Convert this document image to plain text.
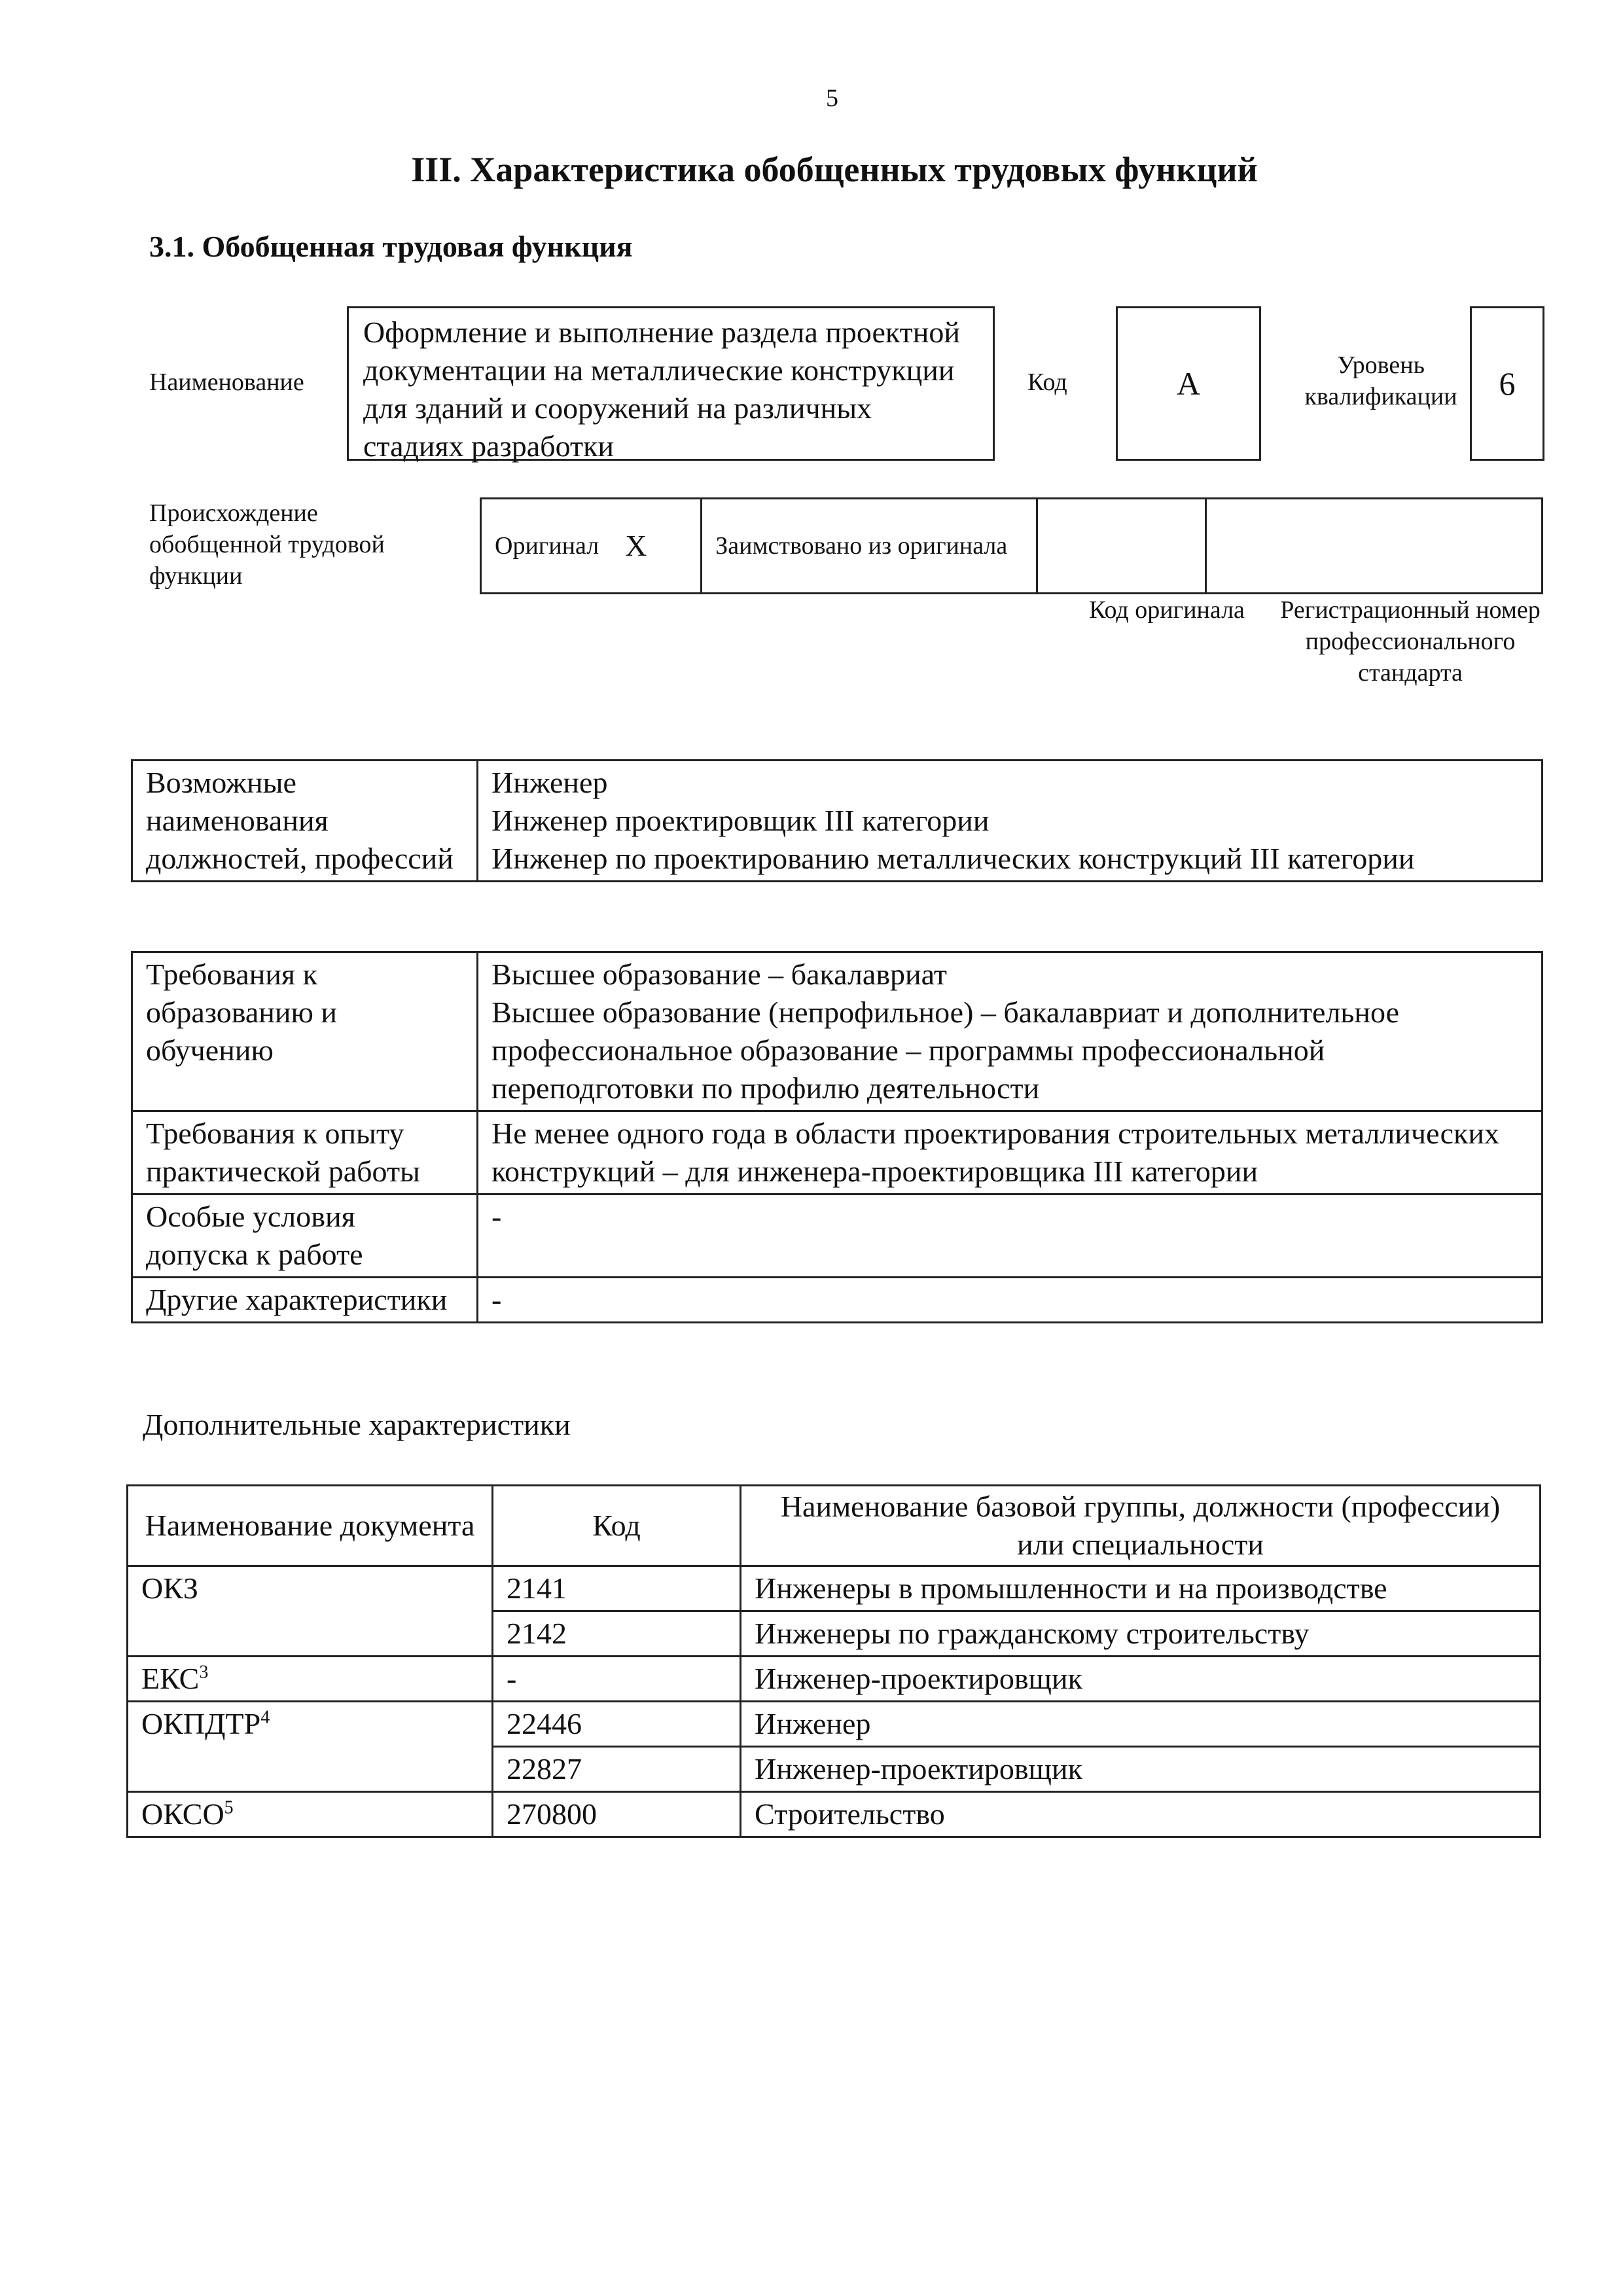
5
III. Характеристика обобщенных трудовых функций
3.1. Обобщенная трудовая функция
Наименование
Оформление и выполнение раздела проектной документации на металлические конструкции для зданий и сооружений на различных стадиях разработки
Код	А	Уровень квалификации	6
Происхождение обобщенной трудовой функции
Оригинал	X	Заимствовано из оригинала		
Код оригинала	Регистрационный номер профессионального стандарта
Возможные наименования должностей, профессий	
Инженер
Инженер проектировщик III категории
Инженер по проектированию металлических конструкций III категории
Требования к образованию и обучению	Высшее образование – бакалавриат
Высшее образование (непрофильное) – бакалавриат и дополнительное профессиональное образование – программы профессиональной переподготовки по профилю деятельности

Требования к опыту практической работы	Не менее одного года в области проектирования строительных металлических конструкций – для инженера-проектировщика III категории

Особые условия допуска к работе	-
Другие характеристики	-
Дополнительные характеристики
Наименование документа	Код	Наименование базовой группы, должности (профессии) или специальности
ОКЗ	2141	Инженеры в промышленности и на производстве
	2142	Инженеры по гражданскому строительству
ЕКС$^3$	-	Инженер-проектировщик
ОКПДТР$^4$	22446	Инженер
	22827	Инженер-проектировщик
ОКСО$^5$	270800	Строительство
